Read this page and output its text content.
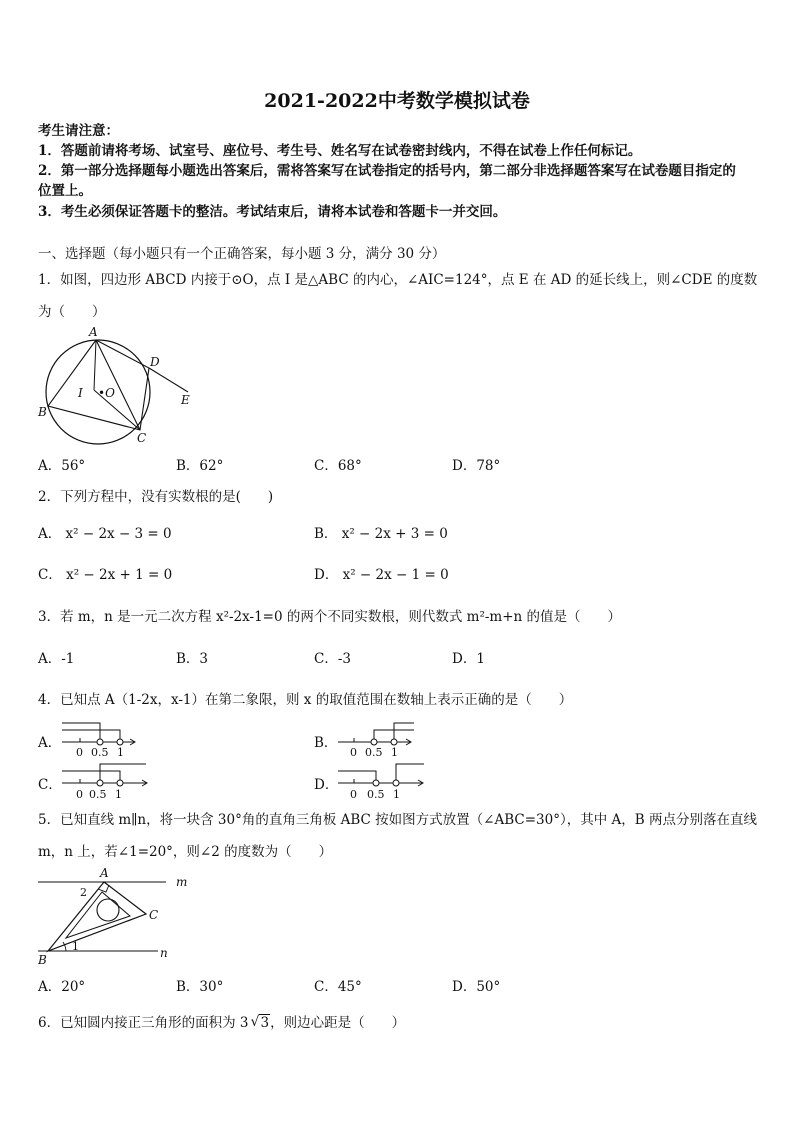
2021-2022中考数学模拟试卷
考生请注意：
1．答题前请将考场、试室号、座位号、考生号、姓名写在试卷密封线内，不得在试卷上作任何标记。
2．第一部分选择题每小题选出答案后，需将答案写在试卷指定的括号内，第二部分非选择题答案写在试卷题目指定的
位置上。
3．考生必须保证答题卡的整洁。考试结束后，请将本试卷和答题卡一并交回。
一、选择题（每小题只有一个正确答案，每小题 3 分，满分 30 分）
1．如图，四边形 ABCD 内接于⊙O，点 I 是△ABC 的内心，∠AIC=124°，点 E 在 AD 的延长线上，则∠CDE 的度数
为（　　）
A
B
C
D
E
I •O
A．56°	B．62°	C．68°	D．78°
2．下列方程中，没有实数根的是(　　)
A． x² − 2x − 3 = 0	B． x² − 2x + 3 = 0
C． x² − 2x + 1 = 0	D． x² − 2x − 1 = 0
3．若 m，n 是一元二次方程 x²-2x-1=0 的两个不同实数根，则代数式 m²-m+n 的值是（　　）
A．-1	B．3	C．-3	D．1
4．已知点 A（1-2x，x-1）在第二象限，则 x 的取值范围在数轴上表示正确的是（　　）
A．
0 0.5 1
B．
0 0.5 1
C．
0 0.5 1
D．
0 0.5 1
5．已知直线 m∥n，将一块含 30°角的直角三角板 ABC 按如图方式放置（∠ABC=30°），其中 A，B 两点分别落在直线
m，n 上，若∠1=20°，则∠2 的度数为（　　）
A
B
C
m
n
1
2
A．20°	B．30°	C．45°	D．50°
6．已知圆内接正三角形的面积为 3 √ 3，则边心距是（　　）
